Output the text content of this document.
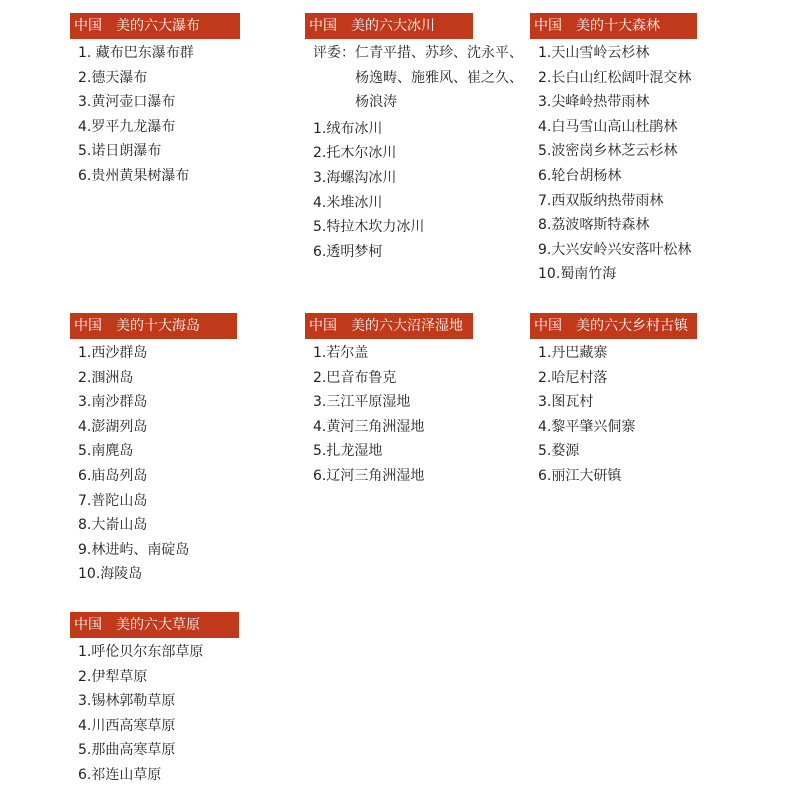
中国　美的六大瀑布
1. 藏布巴东瀑布群
2.德天瀑布
3.黄河壶口瀑布
4.罗平九龙瀑布
5.诺日朗瀑布
6.贵州黄果树瀑布
中国　美的六大冰川
评委： 仁青平措、苏珍、沈永平、杨逸畴、施雅风、崔之久、杨浪涛
1.绒布冰川
2.托木尔冰川
3.海螺沟冰川
4.米堆冰川
5.特拉木坎力冰川
6.透明梦柯
中国　美的十大森林
1.天山雪岭云杉林
2.长白山红松阔叶混交林
3.尖峰岭热带雨林
4.白马雪山高山杜鹃林
5.波密岗乡林芝云杉林
6.轮台胡杨林
7.西双版纳热带雨林
8.荔波喀斯特森林
9.大兴安岭兴安落叶松林
10.蜀南竹海
中国　美的十大海岛
1.西沙群岛
2.涠洲岛
3.南沙群岛
4.澎湖列岛
5.南麂岛
6.庙岛列岛
7.普陀山岛
8.大嵛山岛
9.林进屿、南碇岛
10.海陵岛
中国　美的六大沼泽湿地
1.若尔盖
2.巴音布鲁克
3.三江平原湿地
4.黄河三角洲湿地
5.扎龙湿地
6.辽河三角洲湿地
中国　美的六大乡村古镇
1.丹巴藏寨
2.哈尼村落
3.图瓦村
4.黎平肇兴侗寨
5.婺源
6.丽江大研镇
中国　美的六大草原
1.呼伦贝尔东部草原
2.伊犁草原
3.锡林郭勒草原
4.川西高寒草原
5.那曲高寒草原
6.祁连山草原
